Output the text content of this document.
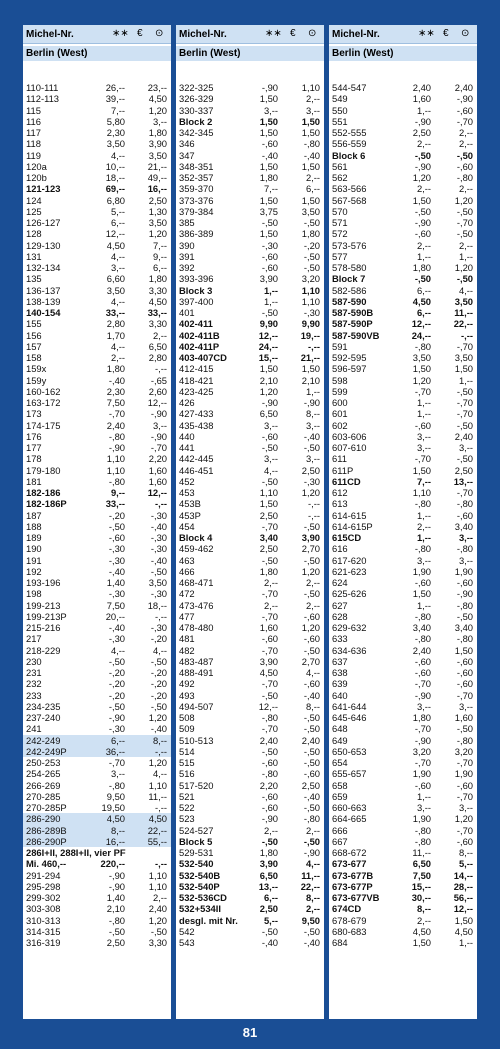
Michel-Nr.	∗∗ € ⊙
Berlin (West)
110-111	26,-- 23,--
112-113	39,--	4,50
115	7,--	1,20
116	5,80	3,--
117	2,30	1,80
118	3,50	3,90
119	4,--	3,50
120a	10,-- 21,--
120b	18,-- 49,--
121-123	69,-- 16,--
124	6,80	2,50
125	5,--	1,30
126-127	6,--	3,50
128	12,--	1,20
129-130	4,50	7,--
131	4,--	9,--
132-134	3,--	6,--
135	6,60	1,80
136-137	3,50	3,30
138-139	4,--	4,50
140-154	33,-- 33,--
155	2,80	3,30
156	1,70	2,--
157	4,--	6,50
158	2,--	2,80
159x	1,80	-,--
159y	-,40	-,65
160-162	2,30	2,60
163-172	7,50 12,--
173	-,70	-,90
174-175	2,40	3,--
176	-,80	-,90
177	-,90	-,70
178	1,10	2,20
179-180	1,10	1,60
181	-,80	1,60
182-186	9,-- 12,--
182-186P	33,--	-,--
187	-,20	-,30
188	-,50	-,40
189	-,60	-,30
190	-,30	-,30
191	-,30	-,40
192	-,40	-,50
193-196	1,40	3,50
198	-,30	-,30
199-213	7,50 18,--
199-213P	20,--	-,--
215-216	-,40	-,30
217	-,30	-,20
218-229	4,--	4,--
230	-,50	-,50
231	-,20	-,20
232	-,20	-,20
233	-,20	-,20
234-235	-,50	-,50
237-240	-,90	1,20
241	-,30	-,40
242-249	6,--	8,--
242-249P	36,--	-,--
250-253	-,70	1,20
254-265	3,--	4,--
266-269	-,80	1,10
270-285	9,50 11,--
270-285P	19,50	-,--
286-290	4,50	4,50
286-289B	8,-- 22,--
286-290P	16,-- 55,--
286I+II, 288I+II, vier PF
Mi. 460,--	220,--	-,--
291-294	-,90	1,10
295-298	-,90	1,10
299-302	1,40	2,--
303-308	2,10	2,40
310-313	-,80	1,20
314-315	-,50	-,50
316-319	2,50	3,30
Michel-Nr.	∗∗ € ⊙
Berlin (West)
322-325	-,90	1,10
326-329	1,50	2,--
330-337	3,--	3,--
Block 2	1,50	1,50
342-345	1,50	1,50
346	-,60	-,80
347	-,40	-,40
348-351	1,50	1,50
352-357	1,80	2,--
359-370	7,--	6,--
373-376	1,50	1,50
379-384	3,75	3,50
385	-,50	-,50
386-389	1,50	1,80
390	-,30	-,20
391	-,60	-,50
392	-,60	-,50
393-396	3,90	3,20
Block 3	1,--	1,10
397-400	1,--	1,10
401	-,50	-,30
402-411	9,90	9,90
402-411B	12,-- 19,--
402-411P	24,--	-,--
403-407CD	15,-- 21,--
412-415	1,50	1,50
418-421	2,10	2,10
423-425	1,20	1,--
426	-,90	-,90
427-433	6,50	8,--
435-438	3,--	3,--
440	-,60	-,40
441	-,50	-,50
442-445	3,--	3,--
446-451	4,--	2,50
452	-,50	-,30
453	1,10	1,20
453B	1,50	-,--
453P	2,50	-,--
454	-,70	-,50
Block 4	3,40	3,90
459-462	2,50	2,70
463	-,50	-,50
466	1,80	1,20
468-471	2,--	2,--
472	-,70	-,50
473-476	2,--	2,--
477	-,70	-,60
478-480	1,60	1,20
481	-,60	-,60
482	-,70	-,50
483-487	3,90	2,70
488-491	4,50	4,--
492	-,70	-,60
493	-,50	-,40
494-507	12,--	8,--
508	-,80	-,50
509	-,70	-,50
510-513	2,40	2,40
514	-,50	-,50
515	-,60	-,50
516	-,80	-,60
517-520	2,20	2,50
521	-,60	-,40
522	-,60	-,50
523	-,90	-,80
524-527	2,--	2,--
Block 5	-,50	-,50
529-531	1,80	-,90
532-540	3,90	4,--
532-540B	6,50 11,--
532-540P	13,-- 22,--
532-536CD	6,--	8,--
532+534II	2,50	2,--
desgl. mit Nr.	5,--	9,50
542	-,50	-,50
543	-,40	-,40
Michel-Nr.	∗∗ € ⊙
Berlin (West)
544-547	2,40	2,40
549	1,60	-,90
550	1,--	-,60
551	-,90	-,70
552-555	2,50	2,--
556-559	2,--	2,--
Block 6	-,50	-,50
561	-,90	-,60
562	1,20	-,80
563-566	2,--	2,--
567-568	1,50	1,20
570	-,50	-,50
571	-,90	-,70
572	-,60	-,50
573-576	2,--	2,--
577	1,--	1,--
578-580	1,80	1,20
Block 7	-,50	-,50
582-586	6,--	4,--
587-590	4,50	3,50
587-590B	6,-- 11,--
587-590P	12,-- 22,--
587-590VB	24,--	-,--
591	-,80	-,70
592-595	3,50	3,50
596-597	1,50	1,50
598	1,20	1,--
599	-,70	-,50
600	1,--	-,70
601	1,--	-,70
602	-,60	-,50
603-606	3,--	2,40
607-610	3,--	3,--
611	-,70	-,50
611P	1,50	2,50
611CD	7,-- 13,--
612	1,10	-,70
613	-,80	-,80
614-615	1,--	-,60
614-615P	2,--	3,40
615CD	1,--	3,--
616	-,80	-,80
617-620	3,--	3,--
621-623	1,90	1,90
624	-,60	-,60
625-626	1,50	-,90
627	1,--	-,80
628	-,80	-,50
629-632	3,40	3,40
633	-,80	-,80
634-636	2,40	1,50
637	-,60	-,60
638	-,60	-,60
639	-,70	-,60
640	-,90	-,70
641-644	3,--	3,--
645-646	1,80	1,60
648	-,70	-,50
649	-,90	-,80
650-653	3,20	3,20
654	-,70	-,70
655-657	1,90	1,90
658	-,60	-,60
659	1,--	-,70
660-663	3,--	3,--
664-665	1,90	1,20
666	-,80	-,70
667	-,80	-,60
668-672	11,--	8,--
673-677	6,50	5,--
673-677B	7,50 14,--
673-677P	15,-- 28,--
673-677VB	30,-- 56,--
674CD	8,-- 12,--
678-679	2,--	1,50
680-683	4,50	4,50
684	1,50	1,--
81
